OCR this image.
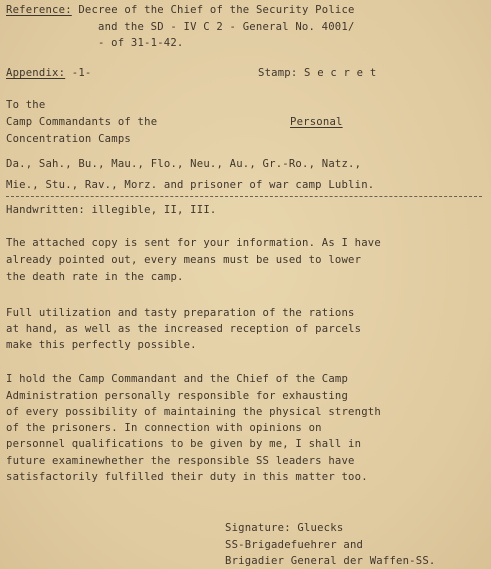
Reference: Decree of the Chief of the Security Police
and the SD - IV C 2 - General No. 4001/
- of 31-1-42.
Appendix: -1-	Stamp: S e c r e t
To the
Camp Commandants of the	Personal
Concentration Camps
Da., Sah., Bu., Mau., Flo., Neu., Au., Gr.-Ro., Natz.,
Mie., Stu., Rav., Morz. and prisoner of war camp Lublin.
Handwritten: illegible, II, III.
The attached copy is sent for your information. As I have
already pointed out, every means must be used to lower
the death rate in the camp.
Full utilization and tasty preparation of the rations
at hand, as well as the increased reception of parcels
make this perfectly possible.
I hold the Camp Commandant and the Chief of the Camp
Administration personally responsible for exhausting
of every possibility of maintaining the physical strength
of the prisoners. In connection with opinions on
personnel qualifications to be given by me, I shall in
future examinewhether the responsible SS leaders have
satisfactorily fulfilled their duty in this matter too.
Signature: Gluecks
SS-Brigadefuehrer and
Brigadier General der Waffen-SS.
